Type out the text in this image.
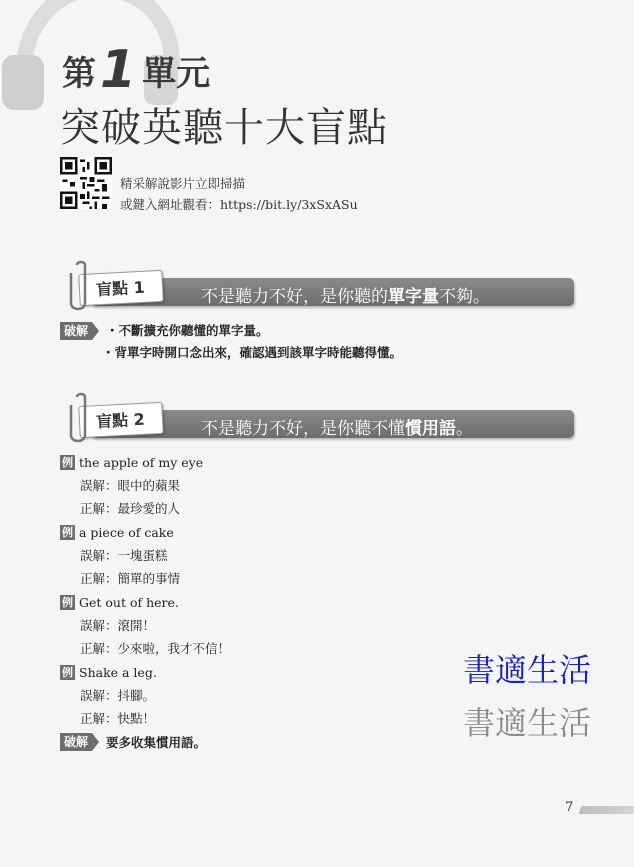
第 1 單元
突破英聽十大盲點
精采解說影片立即掃描
或鍵入網址觀看：https://bit.ly/3xSxASu
不是聽力不好，是你聽的單字量不夠。
盲點 1
破解	・不斷擴充你聽懂的單字量。
・背單字時開口念出來，確認遇到該單字時能聽得懂。
不是聽力不好，是你聽不懂慣用語。
盲點 2
例 the apple of my eye
誤解：眼中的蘋果
正解：最珍愛的人
例 a piece of cake
誤解：一塊蛋糕
正解：簡單的事情
例 Get out of here.
誤解：滾開！
正解：少來啦，我才不信！
例 Shake a leg.
誤解：抖腳。
正解：快點！
破解	要多收集慣用語。
書適生活
書適生活
7
